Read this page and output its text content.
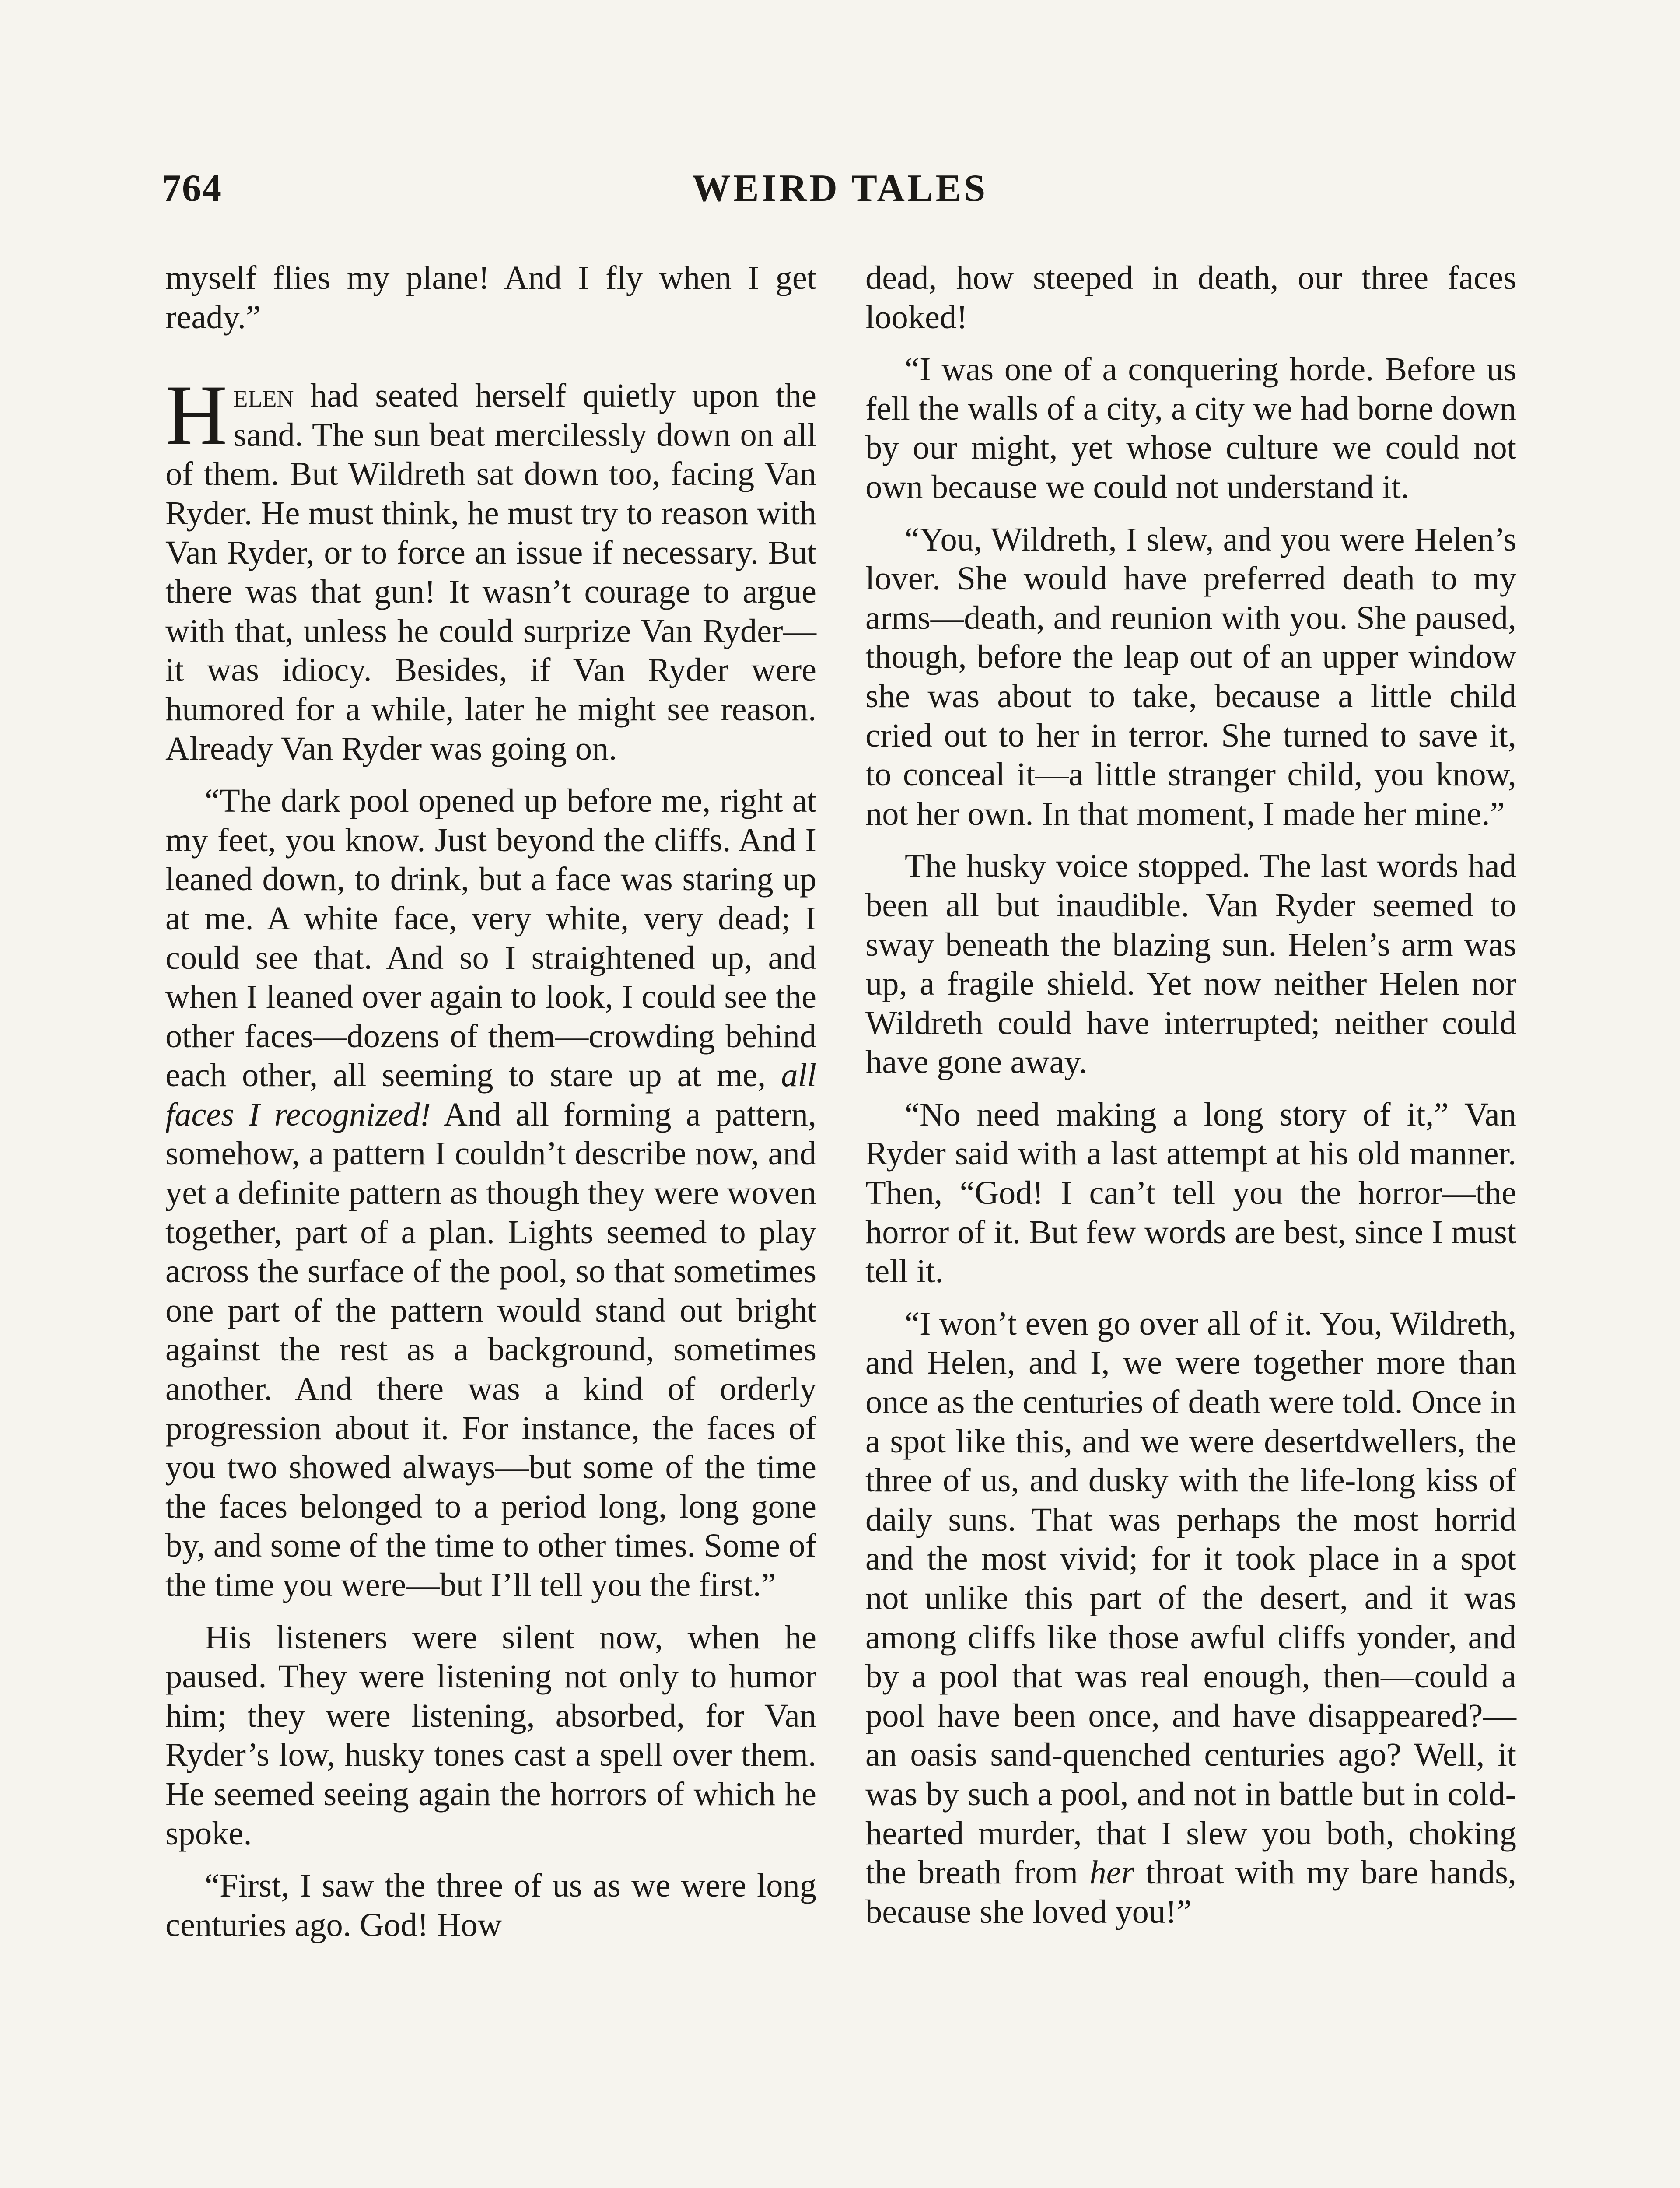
764	WEIRD TALES

myself flies my plane! And I fly when I get ready.”

Helen had seated herself quietly upon the sand. The sun beat mercilessly down on all of them. But Wildreth sat down too, facing Van Ryder. He must think, he must try to reason with Van Ryder, or to force an issue if necessary. But there was that gun! It wasn’t courage to argue with that, unless he could surprize Van Ryder—it was idiocy. Besides, if Van Ryder were humored for a while, later he might see reason. Already Van Ryder was going on.

“The dark pool opened up before me, right at my feet, you know. Just beyond the cliffs. And I leaned down, to drink, but a face was staring up at me. A white face, very white, very dead; I could see that. And so I straightened up, and when I leaned over again to look, I could see the other faces—dozens of them—crowding behind each other, all seeming to stare up at me, all faces I recognized! And all forming a pattern, somehow, a pattern I couldn’t describe now, and yet a definite pattern as though they were woven together, part of a plan. Lights seemed to play across the surface of the pool, so that sometimes one part of the pattern would stand out bright against the rest as a background, sometimes another. And there was a kind of orderly progression about it. For instance, the faces of you two showed always—but some of the time the faces belonged to a period long, long gone by, and some of the time to other times. Some of the time you were—but I’ll tell you the first.”

His listeners were silent now, when he paused. They were listening not only to humor him; they were listening, absorbed, for Van Ryder’s low, husky tones cast a spell over them. He seemed seeing again the horrors of which he spoke.

“First, I saw the three of us as we were long centuries ago. God! How

dead, how steeped in death, our three faces looked!

“I was one of a conquering horde. Before us fell the walls of a city, a city we had borne down by our might, yet whose culture we could not own because we could not understand it.

“You, Wildreth, I slew, and you were Helen’s lover. She would have preferred death to my arms—death, and reunion with you. She paused, though, before the leap out of an upper window she was about to take, because a little child cried out to her in terror. She turned to save it, to conceal it—a little stranger child, you know, not her own. In that moment, I made her mine.”

The husky voice stopped. The last words had been all but inaudible. Van Ryder seemed to sway beneath the blazing sun. Helen’s arm was up, a fragile shield. Yet now neither Helen nor Wildreth could have interrupted; neither could have gone away.

“No need making a long story of it,” Van Ryder said with a last attempt at his old manner. Then, “God! I can’t tell you the horror—the horror of it. But few words are best, since I must tell it.

“I won’t even go over all of it. You, Wildreth, and Helen, and I, we were together more than once as the centuries of death were told. Once in a spot like this, and we were desertdwellers, the three of us, and dusky with the life-long kiss of daily suns. That was perhaps the most horrid and the most vivid; for it took place in a spot not unlike this part of the desert, and it was among cliffs like those awful cliffs yonder, and by a pool that was real enough, then—could a pool have been once, and have disappeared?—an oasis sand-quenched centuries ago? Well, it was by such a pool, and not in battle but in cold-hearted murder, that I slew you both, choking the breath from her throat with my bare hands, because she loved you!”
